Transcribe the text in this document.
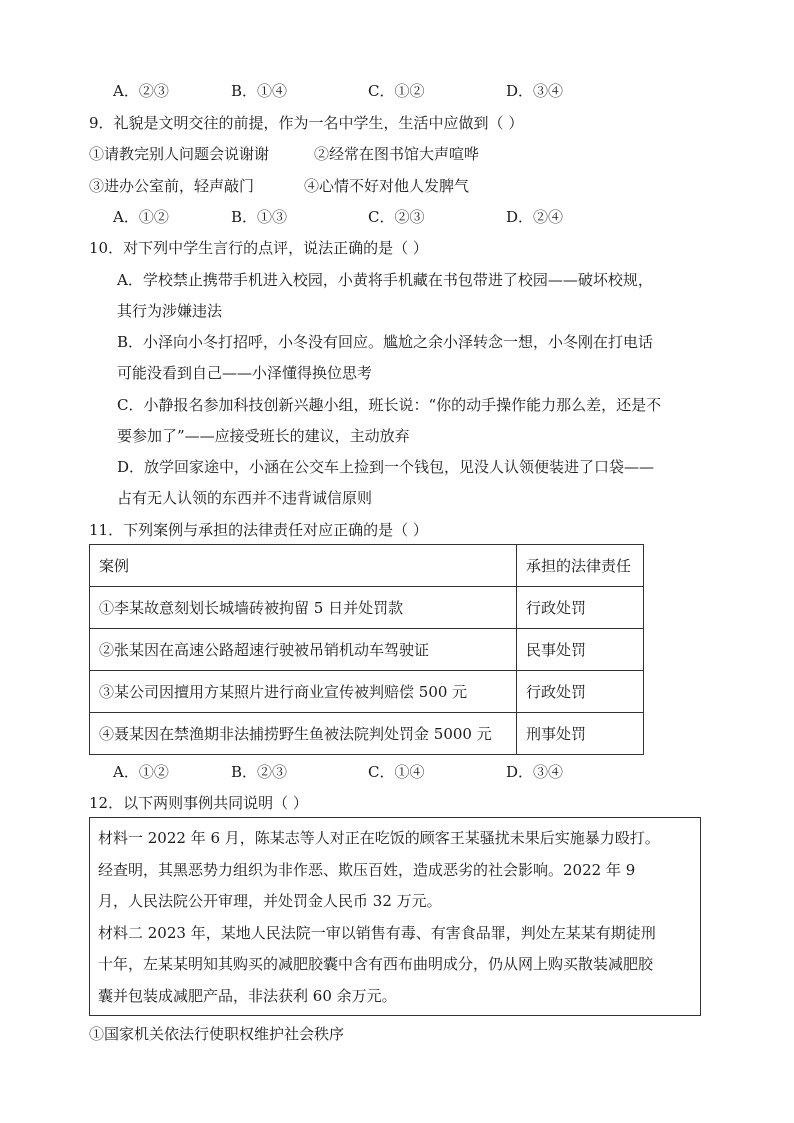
A．②③	B．①④	C．①②	D．③④
9．礼貌是文明交往的前提，作为一名中学生，生活中应做到（ ）
①请教完别人问题会说谢谢	②经常在图书馆大声喧哗
③进办公室前，轻声敲门	④心情不好对他人发脾气
A．①②	B．①③	C．②③	D．②④
10．对下列中学生言行的点评，说法正确的是（ ）
A．学校禁止携带手机进入校园，小黄将手机藏在书包带进了校园——破坏校规，
其行为涉嫌违法
B．小泽向小冬打招呼，小冬没有回应。尴尬之余小泽转念一想，小冬刚在打电话
可能没看到自己——小泽懂得换位思考
C．小静报名参加科技创新兴趣小组，班长说：“你的动手操作能力那么差，还是不
要参加了”——应接受班长的建议，主动放弃
D．放学回家途中，小涵在公交车上捡到一个钱包，见没人认领便装进了口袋——
占有无人认领的东西并不违背诚信原则
11．下列案例与承担的法律责任对应正确的是（ ）
案例	承担的法律责任
①李某故意刻划长城墙砖被拘留 5 日并处罚款	行政处罚
②张某因在高速公路超速行驶被吊销机动车驾驶证	民事处罚
③某公司因擅用方某照片进行商业宣传被判赔偿 500 元	行政处罚
④聂某因在禁渔期非法捕捞野生鱼被法院判处罚金 5000 元	刑事处罚
A．①②	B．②③	C．①④	D．③④
12．以下两则事例共同说明（ ）
材料一 2022 年 6 月，陈某志等人对正在吃饭的顾客王某骚扰未果后实施暴力殴打。
经查明，其黑恶势力组织为非作恶、欺压百姓，造成恶劣的社会影响。2022 年 9
月，人民法院公开审理，并处罚金人民币 32 万元。
材料二 2023 年，某地人民法院一审以销售有毒、有害食品罪，判处左某某有期徒刑
十年，左某某明知其购买的减肥胶囊中含有西布曲明成分，仍从网上购买散装减肥胶
囊并包装成减肥产品，非法获利 60 余万元。
①国家机关依法行使职权维护社会秩序
